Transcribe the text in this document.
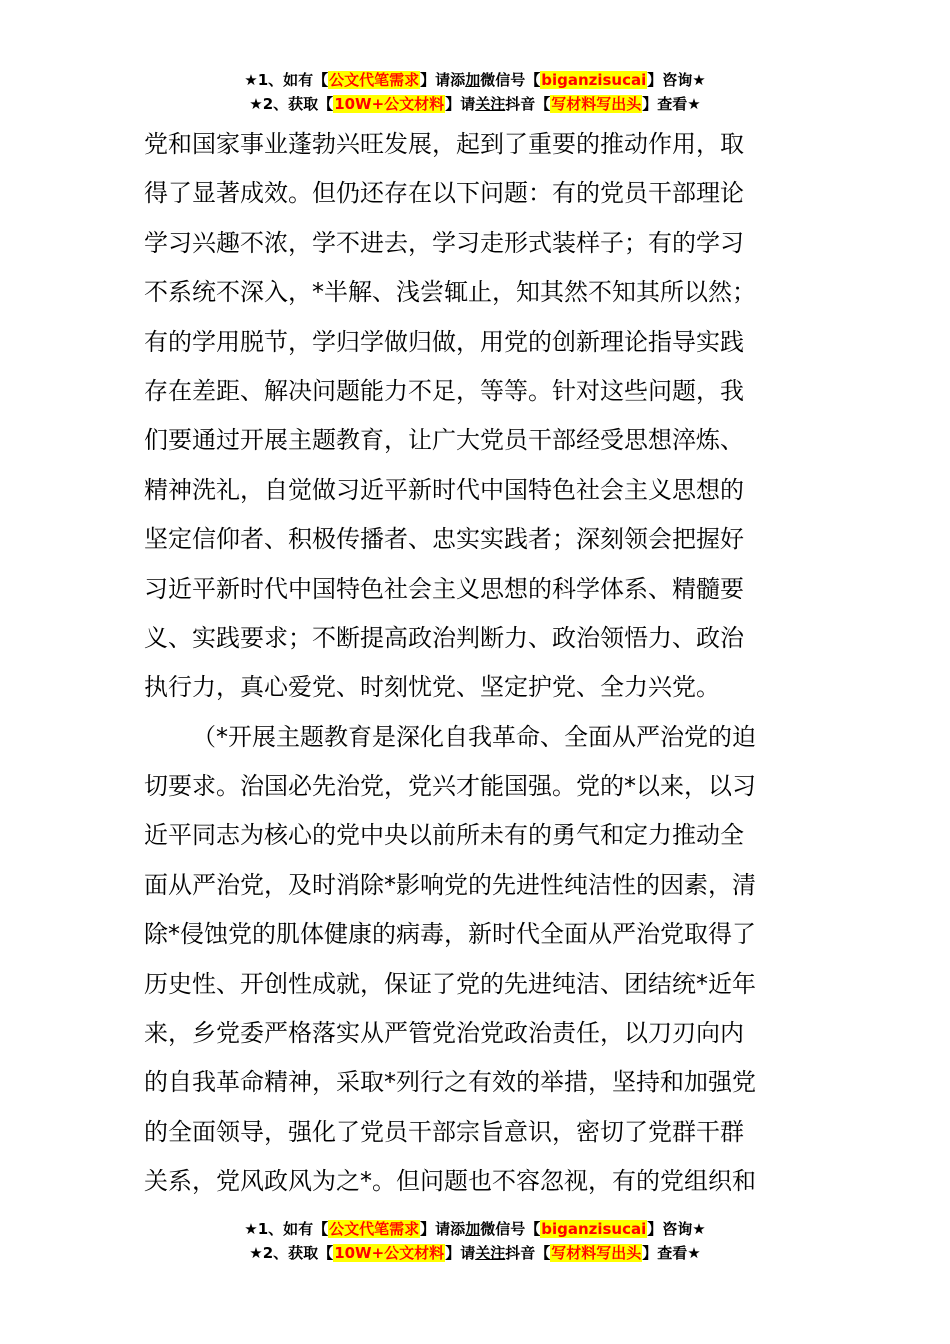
★1、如有【公文代笔需求】请添加微信号【biganzisucai】咨询★
★2、获取【10W+公文材料】请关注抖音【写材料写出头】查看★
党和国家事业蓬勃兴旺发展，起到了重要的推动作用，取
得了显著成效。但仍还存在以下问题：有的党员干部理论
学习兴趣不浓，学不进去，学习走形式装样子；有的学习
不系统不深入，*半解、浅尝辄止，知其然不知其所以然；
有的学用脱节，学归学做归做，用党的创新理论指导实践
存在差距、解决问题能力不足，等等。针对这些问题，我
们要通过开展主题教育，让广大党员干部经受思想淬炼、
精神洗礼，自觉做习近平新时代中国特色社会主义思想的
坚定信仰者、积极传播者、忠实实践者；深刻领会把握好
习近平新时代中国特色社会主义思想的科学体系、精髓要
义、实践要求；不断提高政治判断力、政治领悟力、政治
执行力，真心爱党、时刻忧党、坚定护党、全力兴党。
（*开展主题教育是深化自我革命、全面从严治党的迫
切要求。治国必先治党，党兴才能国强。党的*以来，以习
近平同志为核心的党中央以前所未有的勇气和定力推动全
面从严治党，及时消除*影响党的先进性纯洁性的因素，清
除*侵蚀党的肌体健康的病毒，新时代全面从严治党取得了
历史性、开创性成就，保证了党的先进纯洁、团结统*近年
来，乡党委严格落实从严管党治党政治责任，以刀刃向内
的自我革命精神，采取*列行之有效的举措，坚持和加强党
的全面领导，强化了党员干部宗旨意识，密切了党群干群
关系，党风政风为之*。但问题也不容忽视，有的党组织和
★1、如有【公文代笔需求】请添加微信号【biganzisucai】咨询★
★2、获取【10W+公文材料】请关注抖音【写材料写出头】查看★
